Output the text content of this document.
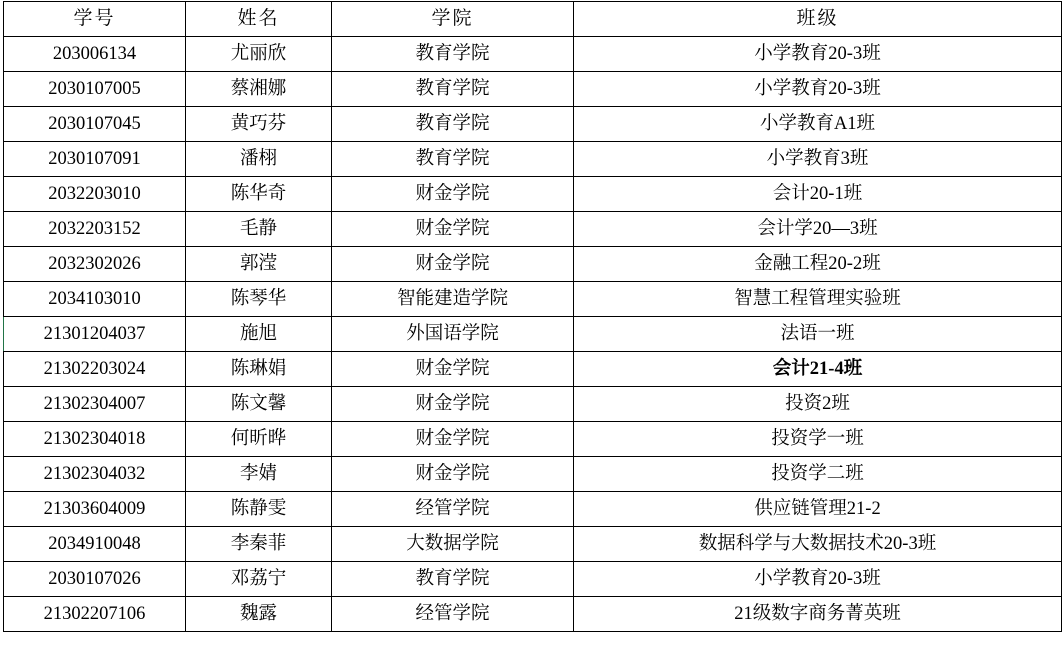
学号	姓名	学院	班级
203006134	尤丽欣	教育学院	小学教育20-3班
2030107005	蔡湘娜	教育学院	小学教育20-3班
2030107045	黄巧芬	教育学院	小学教育A1班
2030107091	潘栩	教育学院	小学教育3班
2032203010	陈华奇	财金学院	会计20-1班
2032203152	毛静	财金学院	会计学20—3班
2032302026	郭滢	财金学院	金融工程20-2班
2034103010	陈琴华	智能建造学院	智慧工程管理实验班
21301204037	施旭	外国语学院	法语一班
21302203024	陈琳娟	财金学院	会计21-4班
21302304007	陈文馨	财金学院	投资2班
21302304018	何昕晔	财金学院	投资学一班
21302304032	李婧	财金学院	投资学二班
21303604009	陈静雯	经管学院	供应链管理21-2
2034910048	李秦菲	大数据学院	数据科学与大数据技术20-3班
2030107026	邓荔宁	教育学院	小学教育20-3班
21302207106	魏露	经管学院	21级数字商务菁英班
